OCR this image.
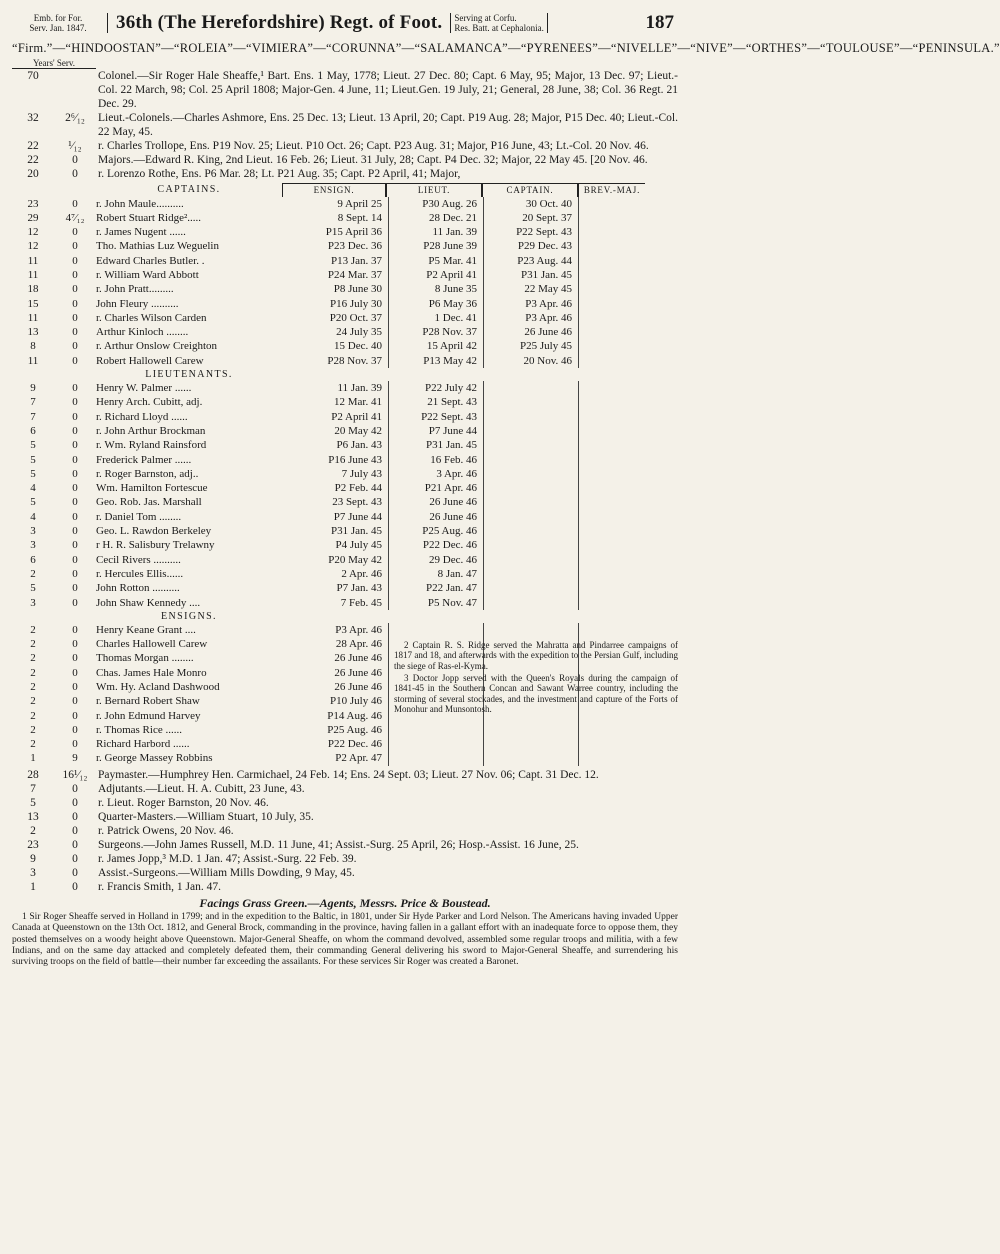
Emb. for For.
Serv. Jan. 1847.	36th (The Herefordshire) Regt. of Foot. Serving at Corfu.
Res. Batt. at Cephalonia.	187
“Firm.”—“HINDOOSTAN”—“ROLEIA”—“VIMIERA”—“CORUNNA”—“SALAMANCA”—“PYRENEES”—“NIVELLE”—“NIVE”—“ORTHES”—“TOULOUSE”—“PENINSULA.”
Years' Serv.
70	Colonel.—Sir Roger Hale Sheaffe,¹ Bart. Ens. 1 May, 1778; Lieut. 27 Dec. 80; Capt. 6 May, 95; Major, 13 Dec. 97; Lieut.-Col. 22 March, 98; Col. 25 April 1808; Major-Gen. 4 June, 11; Lieut.Gen. 19 July, 21; General, 28 June, 38; Col. 36 Regt. 21 Dec. 29.
32	2⁶⁄₁₂	Lieut.-Colonels.—Charles Ashmore, Ens. 25 Dec. 13; Lieut. 13 April, 20; Capt. P19 Aug. 28; Major, P15 Dec. 40; Lieut.-Col. 22 May, 45.
22	¹⁄₁₂	r. Charles Trollope, Ens. P19 Nov. 25; Lieut. P10 Oct. 26; Capt. P23 Aug. 31; Major, P16 June, 43; Lt.-Col. 20 Nov. 46.
22	0	Majors.—Edward R. King, 2nd Lieut. 16 Feb. 26; Lieut. 31 July, 28; Capt. P4 Dec. 32; Major, 22 May 45. [20 Nov. 46.
20	0	r. Lorenzo Rothe, Ens. P6 Mar. 28; Lt. P21 Aug. 35; Capt. P2 April, 41; Major,
CAPTAINS.	ENSIGN.	LIEUT.	CAPTAIN.	BREV.-MAJ.
23	0	r. John Maule..........	9 April 25	P30 Aug. 26	30 Oct. 40
29	4⁷⁄₁₂	Robert Stuart Ridge².....	8 Sept. 14	28 Dec. 21	20 Sept. 37
12	0	r. James Nugent ......	P15 April 36	11 Jan. 39	P22 Sept. 43
12	0	Tho. Mathias Luz Weguelin	P23 Dec. 36	P28 June 39	P29 Dec. 43
11	0	Edward Charles Butler. .	P13 Jan. 37	P5 Mar. 41	P23 Aug. 44
11	0	r. William Ward Abbott	P24 Mar. 37	P2 April 41	P31 Jan. 45
18	0	r. John Pratt.........	P8 June 30	8 June 35	22 May 45
15	0	John Fleury ..........	P16 July 30	P6 May 36	P3 Apr. 46
11	0	r. Charles Wilson Carden	P20 Oct. 37	1 Dec. 41	P3 Apr. 46
13	0	Arthur Kinloch ........	24 July 35	P28 Nov. 37	26 June 46
8	0	r. Arthur Onslow Creighton	15 Dec. 40	15 April 42	P25 July 45
11	0	Robert Hallowell Carew	P28 Nov. 37	P13 May 42	20 Nov. 46
LIEUTENANTS.
9	0	Henry W. Palmer ......	11 Jan. 39	P22 July 42
7	0	Henry Arch. Cubitt, adj.	12 Mar. 41	21 Sept. 43
7	0	r. Richard Lloyd ......	P2 April 41	P22 Sept. 43
6	0	r. John Arthur Brockman	20 May 42	P7 June 44
5	0	r. Wm. Ryland Rainsford	P6 Jan. 43	P31 Jan. 45
5	0	Frederick Palmer ......	P16 June 43	16 Feb. 46
5	0	r. Roger Barnston, adj..	7 July 43	3 Apr. 46
4	0	Wm. Hamilton Fortescue	P2 Feb. 44	P21 Apr. 46
5	0	Geo. Rob. Jas. Marshall	23 Sept. 43	26 June 46
4	0	r. Daniel Tom ........	P7 June 44	26 June 46
3	0	Geo. L. Rawdon Berkeley	P31 Jan. 45	P25 Aug. 46
3	0	r H. R. Salisbury Trelawny	P4 July 45	P22 Dec. 46
6	0	Cecil Rivers ..........	P20 May 42	29 Dec. 46
2	0	r. Hercules Ellis......	2 Apr. 46	8 Jan. 47
5	0	John Rotton ..........	P7 Jan. 43	P22 Jan. 47
3	0	John Shaw Kennedy ....	7 Feb. 45	P5 Nov. 47
ENSIGNS.
2	0	Henry Keane Grant ....	P3 Apr. 46
2	0	Charles Hallowell Carew	28 Apr. 46
2	0	Thomas Morgan ........	26 June 46
2	0	Chas. James Hale Monro	26 June 46
2	0	Wm. Hy. Acland Dashwood	26 June 46
2	0	r. Bernard Robert Shaw	P10 July 46
2	0	r. John Edmund Harvey	P14 Aug. 46
2	0	r. Thomas Rice ......	P25 Aug. 46
2	0	Richard Harbord ......	P22 Dec. 46
1	9	r. George Massey Robbins	P2 Apr. 47

2 Captain R. S. Ridge served the Mahratta and Pindarree campaigns of 1817 and 18, and afterwards with the expedition to the Persian Gulf, including the siege of Ras-el-Kyma.

3 Doctor Jopp served with the Queen's Royals during the campaign of 1841-45 in the Southern Concan and Sawant Warree country, including the storming of several stockades, and the investment and capture of the Forts of Monohur and Munsontosh.

28	16¹⁄₁₂ Paymaster.—Humphrey Hen. Carmichael, 24 Feb. 14; Ens. 24 Sept. 03; Lieut. 27 Nov. 06; Capt. 31 Dec. 12.
7	0	Adjutants.—Lieut. H. A. Cubitt, 23 June, 43.
5	0	r. Lieut. Roger Barnston, 20 Nov. 46.
13	0	Quarter-Masters.—William Stuart, 10 July, 35.
2	0	r. Patrick Owens, 20 Nov. 46.
23	0	Surgeons.—John James Russell, M.D. 11 June, 41; Assist.-Surg. 25 April, 26; Hosp.-Assist. 16 June, 25.
9	0	r. James Jopp,³ M.D. 1 Jan. 47; Assist.-Surg. 22 Feb. 39.
3	0	Assist.-Surgeons.—William Mills Dowding, 9 May, 45.
1	0	r. Francis Smith, 1 Jan. 47.
Facings Grass Green.—Agents, Messrs. Price & Boustead.
1 Sir Roger Sheaffe served in Holland in 1799; and in the expedition to the Baltic, in 1801, under Sir Hyde Parker and Lord Nelson. The Americans having invaded Upper Canada at Queenstown on the 13th Oct. 1812, and General Brock, commanding in the province, having fallen in a gallant effort with an inadequate force to oppose them, they posted themselves on a woody height above Queenstown. Major-General Sheaffe, on whom the command devolved, assembled some regular troops and militia, with a few Indians, and on the same day attacked and completely defeated them, their commanding General delivering his sword to Major-General Sheaffe, and surrendering his surviving troops on the field of battle—their number far exceeding the assailants. For these services Sir Roger was created a Baronet.
